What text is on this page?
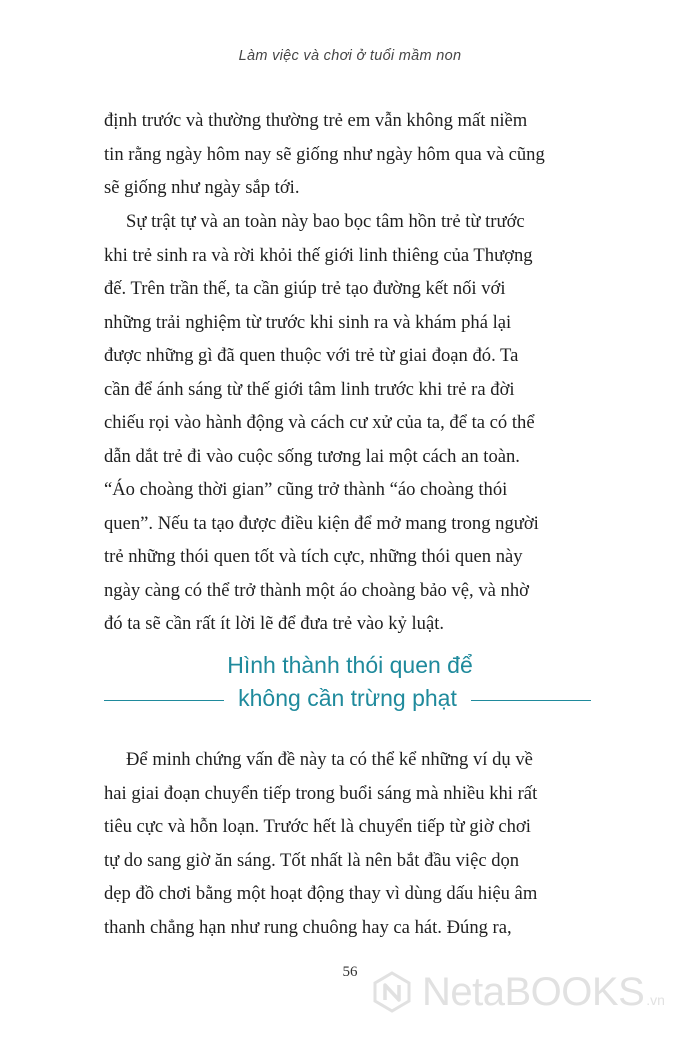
Làm việc và chơi ở tuổi mầm non

định trước và thường thường trẻ em vẫn không mất niềm
tin rằng ngày hôm nay sẽ giống như ngày hôm qua và cũng
sẽ giống như ngày sắp tới.

Sự trật tự và an toàn này bao bọc tâm hồn trẻ từ trước
khi trẻ sinh ra và rời khỏi thế giới linh thiêng của Thượng
đế. Trên trần thế, ta cần giúp trẻ tạo đường kết nối với
những trải nghiệm từ trước khi sinh ra và khám phá lại
được những gì đã quen thuộc với trẻ từ giai đoạn đó. Ta
cần để ánh sáng từ thế giới tâm linh trước khi trẻ ra đời
chiếu rọi vào hành động và cách cư xử của ta, để ta có thể
dẫn dắt trẻ đi vào cuộc sống tương lai một cách an toàn.
“Áo choàng thời gian” cũng trở thành “áo choàng thói
quen”. Nếu ta tạo được điều kiện để mở mang trong người
trẻ những thói quen tốt và tích cực, những thói quen này
ngày càng có thể trở thành một áo choàng bảo vệ, và nhờ
đó ta sẽ cần rất ít lời lẽ để đưa trẻ vào kỷ luật.

Hình thành thói quen để
không cần trừng phạt

Để minh chứng vấn đề này ta có thể kể những ví dụ về
hai giai đoạn chuyển tiếp trong buổi sáng mà nhiều khi rất
tiêu cực và hỗn loạn. Trước hết là chuyển tiếp từ giờ chơi
tự do sang giờ ăn sáng. Tốt nhất là nên bắt đầu việc dọn
dẹp đồ chơi bằng một hoạt động thay vì dùng dấu hiệu âm
thanh chẳng hạn như rung chuông hay ca hát. Đúng ra,

56	NetaBOOKS .vn
